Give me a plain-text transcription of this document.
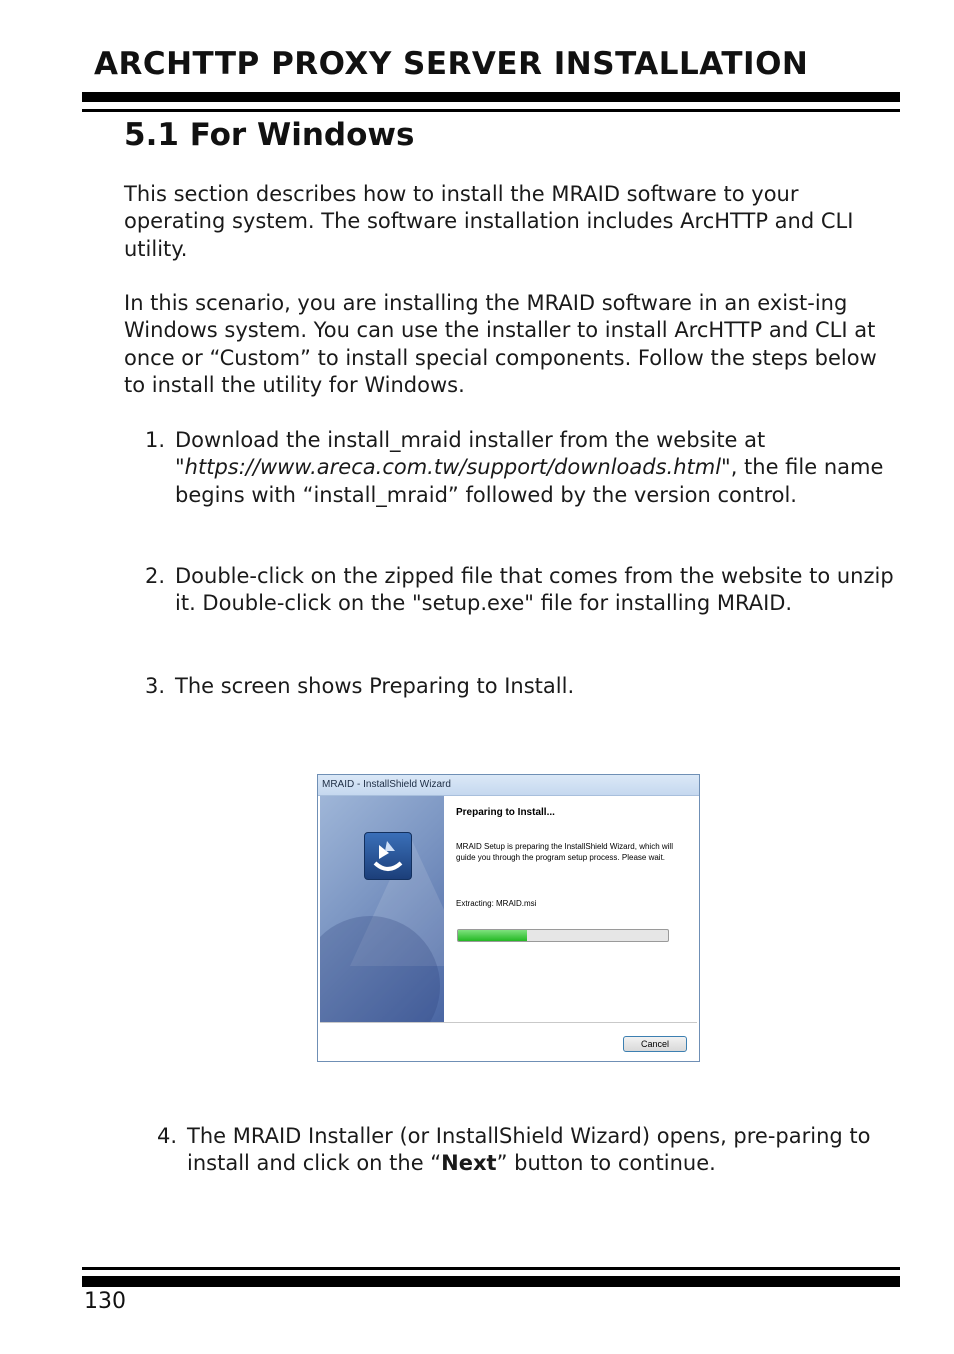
ARCHTTP PROXY SERVER INSTALLATION
5.1 For Windows
This section describes how to install the MRAID software to your operating system. The software installation includes ArcHTTP and CLI utility.
In this scenario, you are installing the MRAID software in an exist-ing Windows system. You can use the installer to install ArcHTTP and CLI at once or “Custom” to install special components. Follow the steps below to install the utility for Windows.
1. Download the install_mraid installer from the website at "https://www.areca.com.tw/support/downloads.html", the file name begins with “install_mraid” followed by the version control.
2. Double-click on the zipped file that comes from the website to unzip it. Double-click on the "setup.exe" file for installing MRAID.
3. The screen shows Preparing to Install.
MRAID - InstallShield Wizard
Preparing to Install...
MRAID Setup is preparing the InstallShield Wizard, which will guide you through the program setup process. Please wait.
Extracting: MRAID.msi
Cancel
4. The MRAID Installer (or InstallShield Wizard) opens, pre-paring to install and click on the “Next” button to continue.
130
